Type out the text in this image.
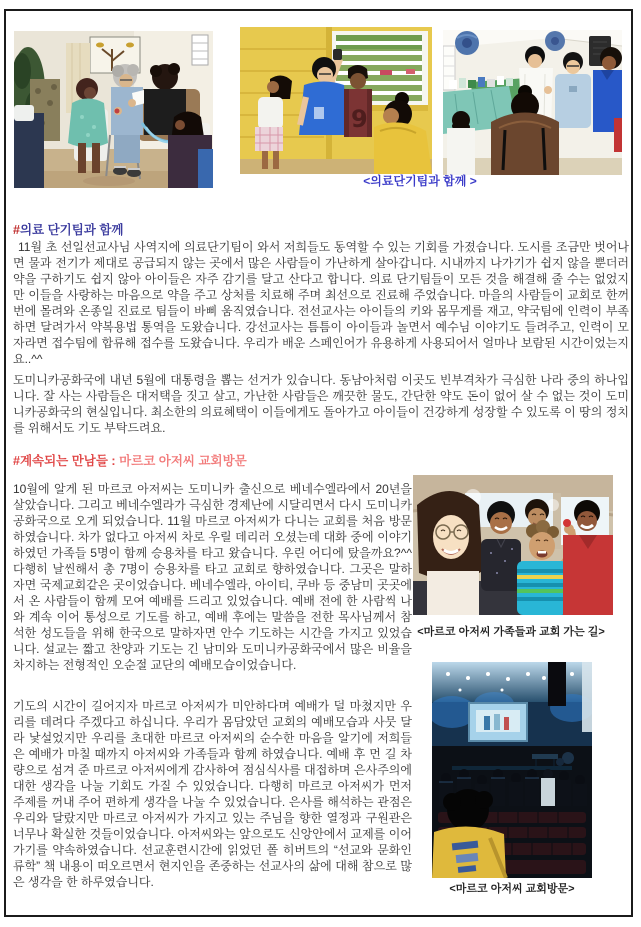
9
<의료단기팀과 함께 >
#의료 단기팀과 함께

11월 초 선일선교사님 사역지에 의료단기팀이 와서 저희들도 동역할 수 있는 기회를 가졌습니다. 도시를 조금만 벗어나면 물과 전기가 제대로 공급되지 않는 곳에서 많은 사람들이 가난하게 살아갑니다. 시내까지 나가기가 쉽지 않을 뿐더러 약을 구하기도 쉽지 않아 아이들은 자주 감기를 달고 산다고 합니다. 의료 단기팀들이 모든 것을 해결해 줄 수는 없었지만 이들을 사랑하는 마음으로 약을 주고 상처를 치료해 주며 최선으로 진료해 주었습니다. 마을의 사람들이 교회로 한꺼번에 몰려와 온종일 진료로 팀들이 바삐 움직였습니다. 전선교사는 아이들의 키와 몸무게를 재고, 약국팀에 인력이 부족하면 달려가서 약복용법 통역을 도왔습니다. 강선교사는 틈틈이 아이들과 놀면서 예수님 이야기도 들려주고, 인력이 모자라면 접수팀에 합류해 접수를 도왔습니다. 우리가 배운 스페인어가 유용하게 사용되어서 얼마나 보람된 시간이었는지요..^^

도미니카공화국에 내년 5월에 대통령을 뽑는 선거가 있습니다. 동남아처럼 이곳도 빈부격차가 극심한 나라 중의 하나입니다. 잘 사는 사람들은 대저택을 짓고 살고, 가난한 사람들은 깨끗한 물도, 간단한 약도 돈이 없어 살 수 없는 것이 도미니카공화국의 현실입니다. 최소한의 의료혜택이 이들에게도 돌아가고 아이들이 건강하게 성장할 수 있도록 이 땅의 정치를 위해서도 기도 부탁드려요.

#계속되는 만남들 : 마르코 아저씨 교회방문

10월에 알게 된 마르코 아저씨는 도미니카 출신으로 베네수엘라에서 20년을 살았습니다. 그리고 베네수엘라가 극심한 경제난에 시달리면서 다시 도미니카공화국으로 오게 되었습니다. 11월 마르코 아저씨가 다니는 교회를 처음 방문하였습니다. 차가 없다고 아저씨 차로 우릴 데리러 오셨는데 대화 중에 이야기하였던 가족들 5명이 함께 승용차를 타고 왔습니다. 우린 어디에 탔을까요?^^ 다행히 날씬해서 총 7명이 승용차를 타고 교회로 향하였습니다. 그곳은 말하자면 국제교회같은 곳이었습니다. 베네수엘라, 아이티, 쿠바 등 중남미 곳곳에서 온 사람들이 함께 모여 예배를 드리고 있었습니다. 예배 전에 한 사람씩 나와 계속 이어 통성으로 기도를 하고, 예배 후에는 말씀을 전한 목사님께서 참석한 성도들을 위해 한국으로 말하자면 안수 기도하는 시간을 가지고 있었습니다. 설교는 짧고 찬양과 기도는 긴 남미와 도미니카공화국에서 많은 비율을 차지하는 전형적인 오순절 교단의 예배모습이었습니다.

기도의 시간이 길어지자 마르코 아저씨가 미안하다며 예배가 덜 마쳤지만 우리를 데려다 주겠다고 하십니다. 우리가 몸담았던 교회의 예배모습과 사뭇 달라 낯설었지만 우리를 초대한 마르코 아저씨의 순수한 마음을 알기에 저희들은 예배가 마칠 때까지 아저씨와 가족들과 함께 하였습니다. 예배 후 먼 길 차량으로 섬겨 준 마르코 아저씨에게 감사하여 점심식사를 대접하며 은사주의에 대한 생각을 나눌 기회도 가질 수 있었습니다. 다행히 마르코 아저씨가 먼저 주제를 꺼내 주어 편하게 생각을 나눌 수 있었습니다. 은사를 해석하는 관점은 우리와 달랐지만 마르코 아저씨가 가지고 있는 주님을 향한 열정과 구원관은 너무나 확실한 것들이었습니다. 아저씨와는 앞으로도 신앙안에서 교제를 이어가기를 약속하였습니다. 선교훈련시간에 읽었던 폴 히버트의 “선교와 문화인류학” 책 내용이 떠오르면서 현지인을 존중하는 선교사의 삶에 대해 참으로 많은 생각을 한 하루였습니다.

<마르코 아저씨 가족들과 교회 가는 길>
<마르코 아저씨 교회방문>
